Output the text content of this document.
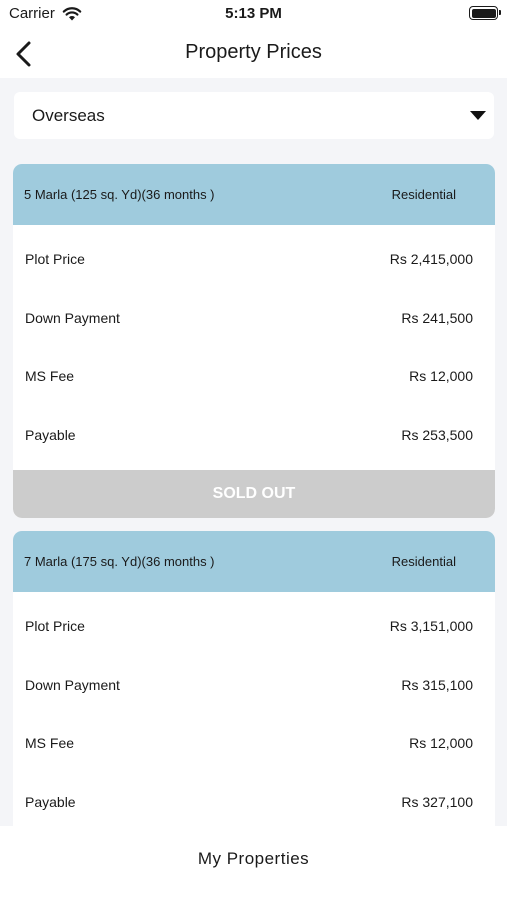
Carrier	5:13 PM
Property Prices
Overseas
5 Marla (125 sq. Yd)(36 months )	Residential
Plot Price	Rs 2,415,000
Down Payment	Rs 241,500
MS Fee	Rs 12,000
Payable	Rs 253,500
SOLD OUT
7 Marla (175 sq. Yd)(36 months )	Residential
Plot Price	Rs 3,151,000
Down Payment	Rs 315,100
MS Fee	Rs 12,000
Payable	Rs 327,100
My Properties
